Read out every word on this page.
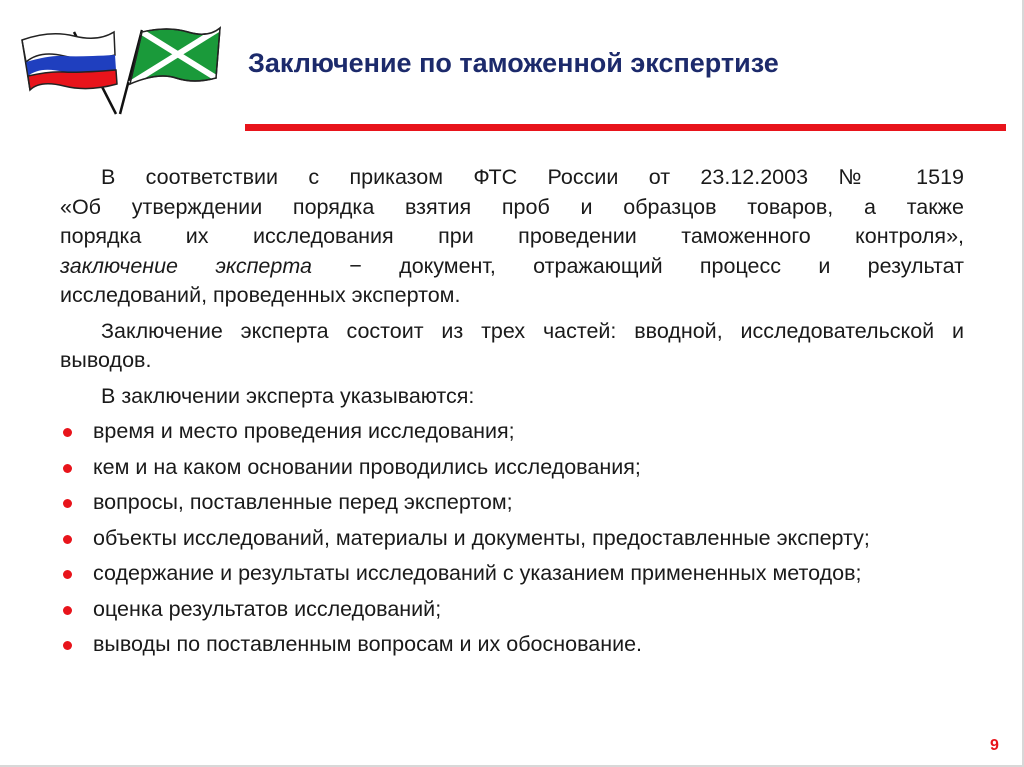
Заключение по таможенной экспертизе
В соответствии с приказом ФТС России от 23.12.2003 № 1519
«Об утверждении порядка взятия проб и образцов товаров, а также
порядка их исследования при проведении таможенного контроля»,
заключение эксперта − документ, отражающий процесс и результат
исследований, проведенных экспертом.
Заключение эксперта состоит из трех частей: вводной, исследовательской и выводов.
В заключении эксперта указываются:
время и место проведения исследования;
кем и на каком основании проводились исследования;
вопросы, поставленные перед экспертом;
объекты исследований, материалы и документы, предоставленные эксперту;
содержание и результаты исследований с указанием примененных методов;
оценка результатов исследований;
выводы по поставленным вопросам и их обоснование.
9
